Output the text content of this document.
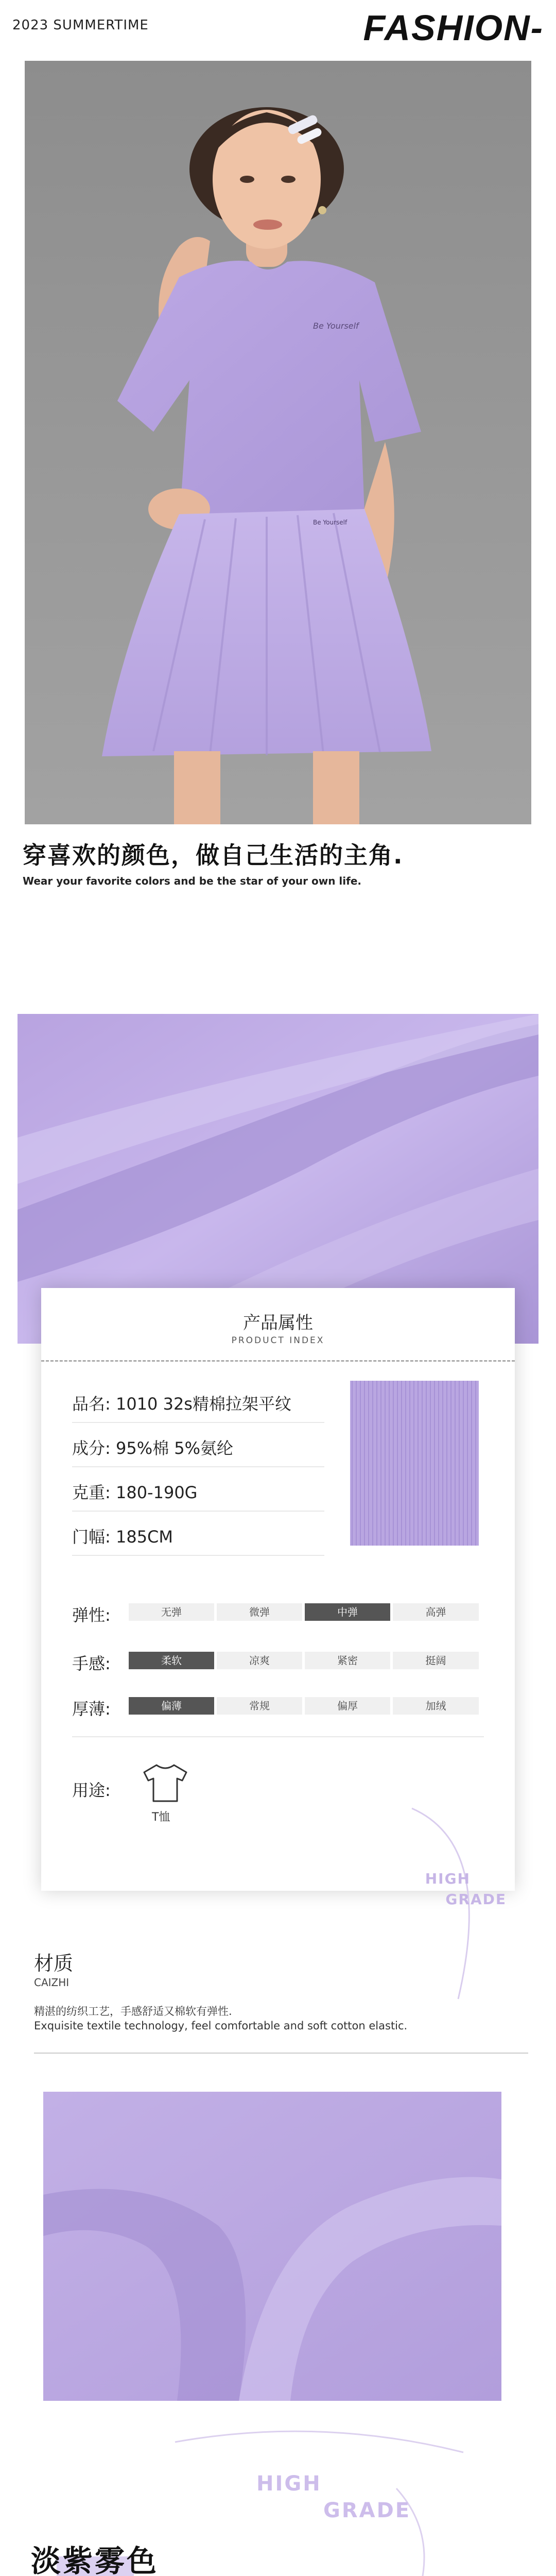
2023 SUMMERTIME	FASHION-
Be Yourself
Be Yourself
穿喜欢的颜色，做自己生活的主角.
Wear your favorite colors and be the star of your own life.
产品属性
PRODUCT INDEX
品名: 1010 32s精棉拉架平纹
成分: 95%棉 5%氨纶
克重: 180-190G
门幅: 185CM
弹性:	无弹	微弹	中弹	高弹
手感:	柔软	凉爽	紧密	挺阔
厚薄:	偏薄	常规	偏厚	加绒
用途:
T恤
HIGH
GRADE
材质
CAIZHI
精湛的纺织工艺，手感舒适又棉软有弹性.
Exquisite textile technology, feel comfortable and soft cotton elastic.
HIGH
GRADE
淡紫雾色
